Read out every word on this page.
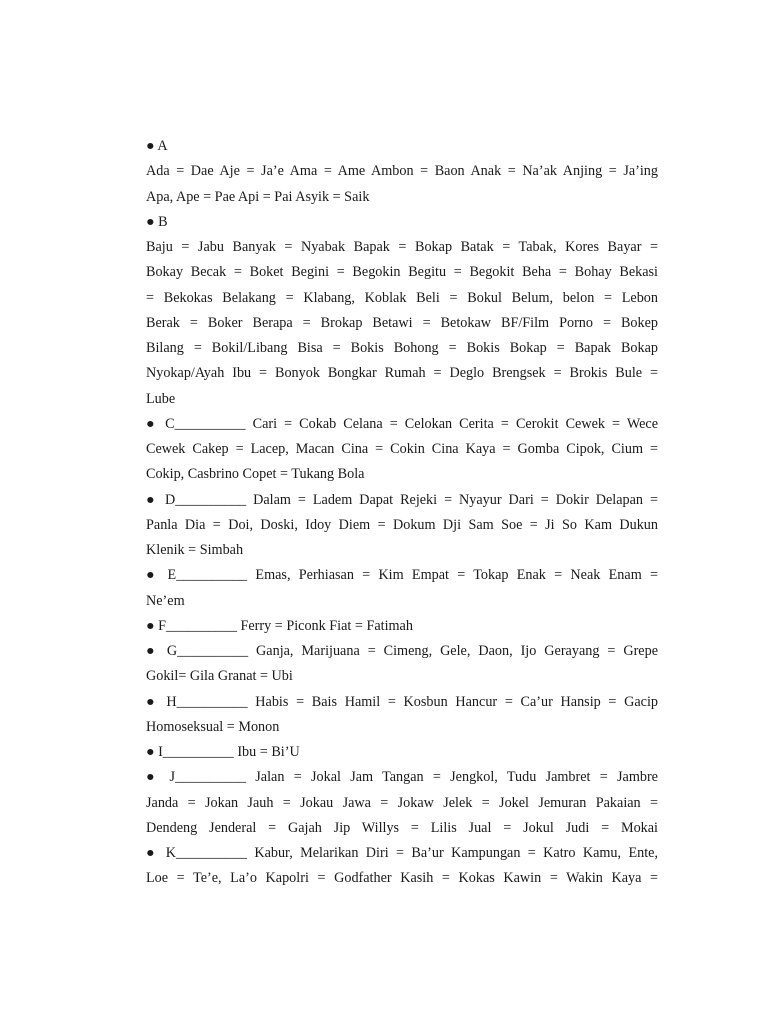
● A
Ada = Dae Aje = Ja’e Ama = Ame Ambon = Baon Anak = Na’ak Anjing = Ja’ing
Apa, Ape = Pae Api = Pai Asyik = Saik
● B
Baju = Jabu Banyak = Nyabak Bapak = Bokap Batak = Tabak, Kores Bayar =
Bokay Becak = Boket Begini = Begokin Begitu = Begokit Beha = Bohay Bekasi
= Bekokas Belakang = Klabang, Koblak Beli = Bokul Belum, belon = Lebon
Berak = Boker Berapa = Brokap Betawi = Betokaw BF/Film Porno = Bokep
Bilang = Bokil/Libang Bisa = Bokis Bohong = Bokis Bokap = Bapak Bokap
Nyokap/Ayah Ibu = Bonyok Bongkar Rumah = Deglo Brengsek = Brokis Bule =
Lube
● C__________ Cari = Cokab Celana = Celokan Cerita = Cerokit Cewek = Wece
Cewek Cakep = Lacep, Macan Cina = Cokin Cina Kaya = Gomba Cipok, Cium =
Cokip, Casbrino Copet = Tukang Bola
● D__________ Dalam = Ladem Dapat Rejeki = Nyayur Dari = Dokir Delapan =
Panla Dia = Doi, Doski, Idoy Diem = Dokum Dji Sam Soe = Ji So Kam Dukun
Klenik = Simbah
● E__________ Emas, Perhiasan = Kim Empat = Tokap Enak = Neak Enam =
Ne’em
● F__________ Ferry = Piconk Fiat = Fatimah
● G__________ Ganja, Marijuana = Cimeng, Gele, Daon, Ijo Gerayang = Grepe
Gokil= Gila Granat = Ubi
● H__________ Habis = Bais Hamil = Kosbun Hancur = Ca’ur Hansip = Gacip
Homoseksual = Monon
● I__________ Ibu = Bi’U
● J__________ Jalan = Jokal Jam Tangan = Jengkol, Tudu Jambret = Jambre
Janda = Jokan Jauh = Jokau Jawa = Jokaw Jelek = Jokel Jemuran Pakaian =
Dendeng Jenderal = Gajah Jip Willys = Lilis Jual = Jokul Judi = Mokai
● K__________ Kabur, Melarikan Diri = Ba’ur Kampungan = Katro Kamu, Ente,
Loe = Te’e, La’o Kapolri = Godfather Kasih = Kokas Kawin = Wakin Kaya =
